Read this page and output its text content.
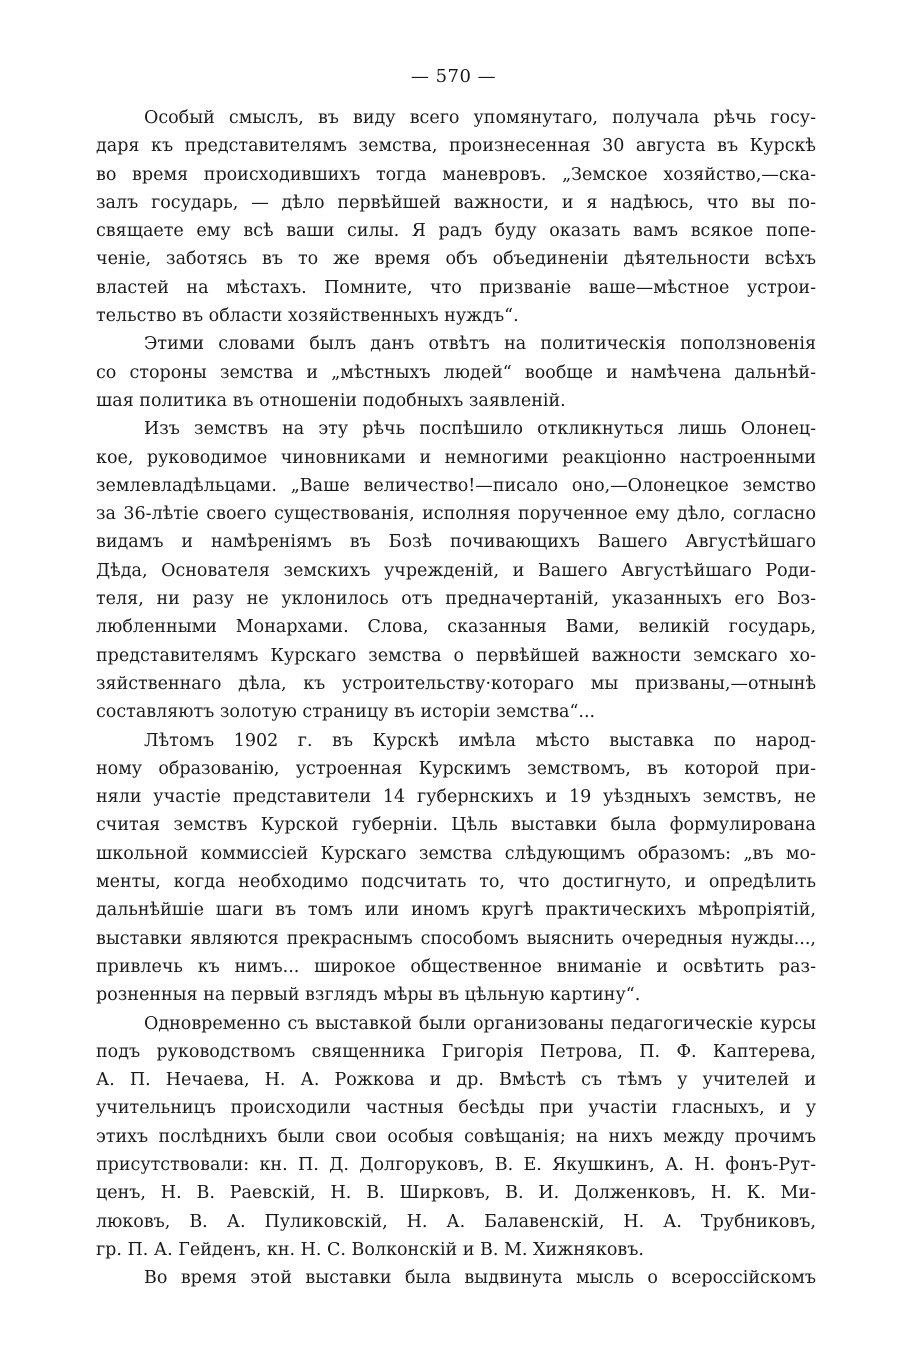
— 570 —
Особый смыслъ, въ виду всего упомянутаго, получала рѣчь госу-
даря къ представителямъ земства, произнесенная 30 августа въ Курскѣ
во время происходившихъ тогда маневровъ. „Земское хозяйство,—ска-
залъ государь, — дѣло первѣйшей важности, и я надѣюсь, что вы по-
свящаете ему всѣ ваши силы. Я радъ буду оказать вамъ всякое попе-
ченіе, заботясь въ то же время объ объединеніи дѣятельности всѣхъ
властей на мѣстахъ. Помните, что призваніе ваше—мѣстное устрои-
тельство въ области хозяйственныхъ нуждъ“.
Этими словами былъ данъ отвѣтъ на политическія поползновенія
со стороны земства и „мѣстныхъ людей“ вообще и намѣчена дальнѣй-
шая политика въ отношеніи подобныхъ заявленій.
Изъ земствъ на эту рѣчь поспѣшило откликнуться лишь Олонец-
кое, руководимое чиновниками и немногими реакціонно настроенными
землевладѣльцами. „Ваше величество!—писало оно,—Олонецкое земство
за 36-лѣтіе своего существованія, исполняя порученное ему дѣло, согласно
видамъ и намѣреніямъ въ Бозѣ почивающихъ Вашего Августѣйшаго
Дѣда, Основателя земскихъ учрежденій, и Вашего Августѣйшаго Роди-
теля, ни разу не уклонилось отъ предначертаній, указанныхъ его Воз-
любленными Монархами. Слова, сказанныя Вами, великій государь,
представителямъ Курскаго земства о первѣйшей важности земскаго хо-
зяйственнаго дѣла, къ устроительству·котораго мы призваны,—отнынѣ
составляютъ золотую страницу въ исторіи земства“...
Лѣтомъ 1902 г. въ Курскѣ имѣла мѣсто выставка по народ-
ному образованію, устроенная Курскимъ земствомъ, въ которой при-
няли участіе представители 14 губернскихъ и 19 уѣздныхъ земствъ, не
считая земствъ Курской губерніи. Цѣль выставки была формулирована
школьной коммиссіей Курскаго земства слѣдующимъ образомъ: „въ мо-
менты, когда необходимо подсчитать то, что достигнуто, и опредѣлить
дальнѣйшіе шаги въ томъ или иномъ кругѣ практическихъ мѣропріятій,
выставки являются прекраснымъ способомъ выяснить очередныя нужды...,
привлечь къ нимъ... широкое общественное вниманіе и освѣтить раз-
розненныя на первый взглядъ мѣры въ цѣльную картину“.
Одновременно съ выставкой были организованы педагогическіе курсы
подъ руководствомъ священника Григорія Петрова, П. Ф. Каптерева,
А. П. Нечаева, Н. А. Рожкова и др. Вмѣстѣ съ тѣмъ у учителей и
учительницъ происходили частныя бесѣды при участіи гласныхъ, и у
этихъ послѣднихъ были свои особыя совѣщанія; на нихъ между прочимъ
присутствовали: кн. П. Д. Долгоруковъ, В. Е. Якушкинъ, А. Н. фонъ-Рут-
ценъ, Н. В. Раевскій, Н. В. Ширковъ, В. И. Долженковъ, Н. К. Ми-
люковъ, В. А. Пуликовскій, Н. А. Балавенскій, Н. А. Трубниковъ,
гр. П. А. Гейденъ, кн. Н. С. Волконскій и В. М. Хижняковъ.
Во время этой выставки была выдвинута мысль о всероссійскомъ
